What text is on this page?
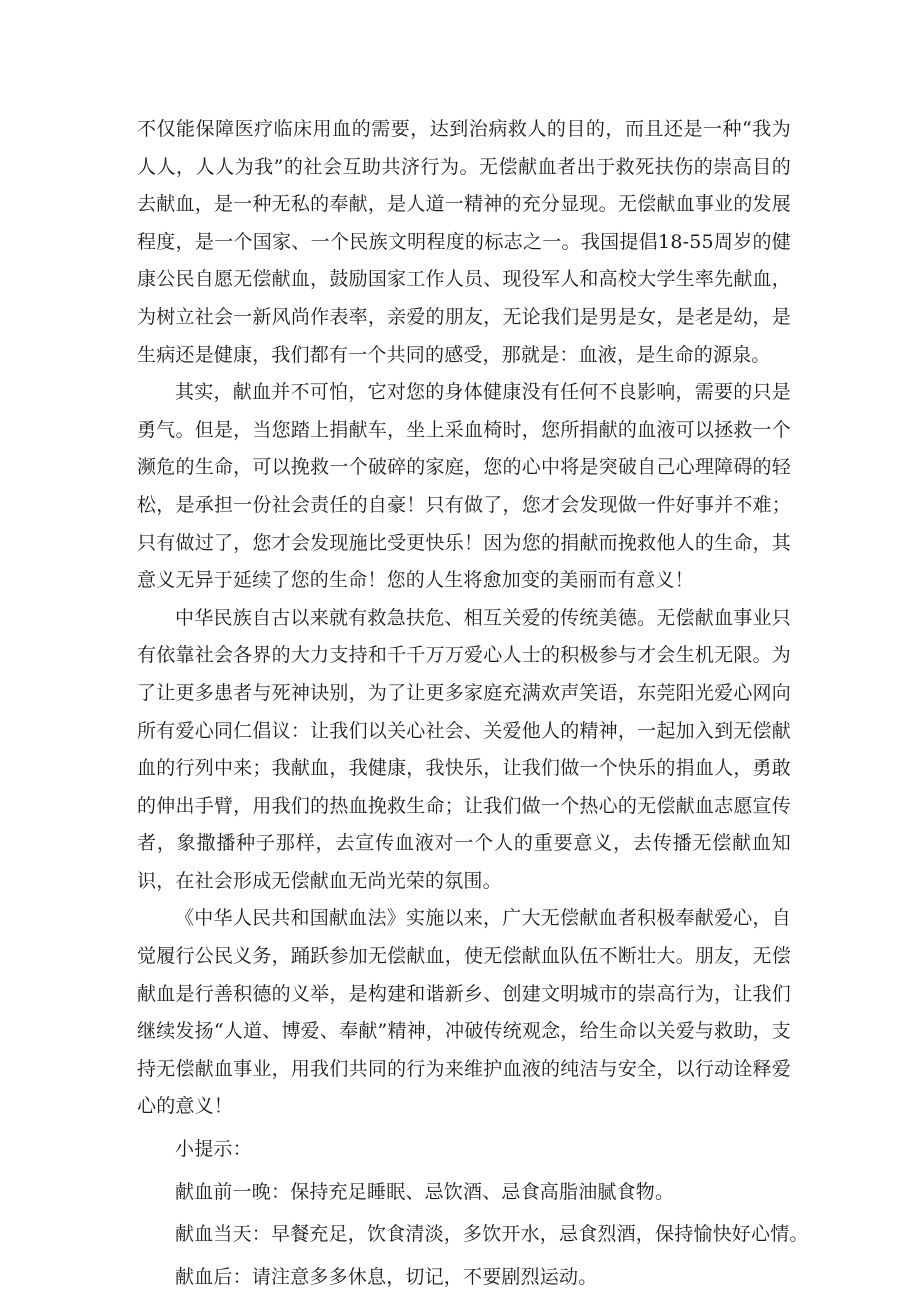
不仅能保障医疗临床用血的需要，达到治病救人的目的，而且还是一种“我为人人，人人为我”的社会互助共济行为。无偿献血者出于救死扶伤的崇高目的去献血，是一种无私的奉献，是人道一精神的充分显现。无偿献血事业的发展程度，是一个国家、一个民族文明程度的标志之一。我国提倡18-55周岁的健康公民自愿无偿献血，鼓励国家工作人员、现役军人和高校大学生率先献血，为树立社会一新风尚作表率，亲爱的朋友，无论我们是男是女，是老是幼，是生病还是健康，我们都有一个共同的感受，那就是：血液，是生命的源泉。

其实，献血并不可怕，它对您的身体健康没有任何不良影响，需要的只是勇气。但是，当您踏上捐献车，坐上采血椅时，您所捐献的血液可以拯救一个濒危的生命，可以挽救一个破碎的家庭，您的心中将是突破自己心理障碍的轻松，是承担一份社会责任的自豪！只有做了，您才会发现做一件好事并不难；只有做过了，您才会发现施比受更快乐！因为您的捐献而挽救他人的生命，其意义无异于延续了您的生命！您的人生将愈加变的美丽而有意义！

中华民族自古以来就有救急扶危、相互关爱的传统美德。无偿献血事业只有依靠社会各界的大力支持和千千万万爱心人士的积极参与才会生机无限。为了让更多患者与死神诀别，为了让更多家庭充满欢声笑语，东莞阳光爱心网向所有爱心同仁倡议：让我们以关心社会、关爱他人的精神，一起加入到无偿献血的行列中来；我献血，我健康，我快乐，让我们做一个快乐的捐血人，勇敢的伸出手臂，用我们的热血挽救生命；让我们做一个热心的无偿献血志愿宣传者，象撒播种子那样，去宣传血液对一个人的重要意义，去传播无偿献血知识，在社会形成无偿献血无尚光荣的氛围。

《中华人民共和国献血法》实施以来，广大无偿献血者积极奉献爱心，自觉履行公民义务，踊跃参加无偿献血，使无偿献血队伍不断壮大。朋友，无偿献血是行善积德的义举，是构建和谐新乡、创建文明城市的崇高行为，让我们继续发扬“人道、博爱、奉献”精神，冲破传统观念，给生命以关爱与救助，支持无偿献血事业，用我们共同的行为来维护血液的纯洁与安全，以行动诠释爱心的意义！

小提示：

献血前一晚：保持充足睡眠、忌饮酒、忌食高脂油腻食物。

献血当天：早餐充足，饮食清淡，多饮开水，忌食烈酒，保持愉快好心情。

献血后：请注意多多休息，切记，不要剧烈运动。
